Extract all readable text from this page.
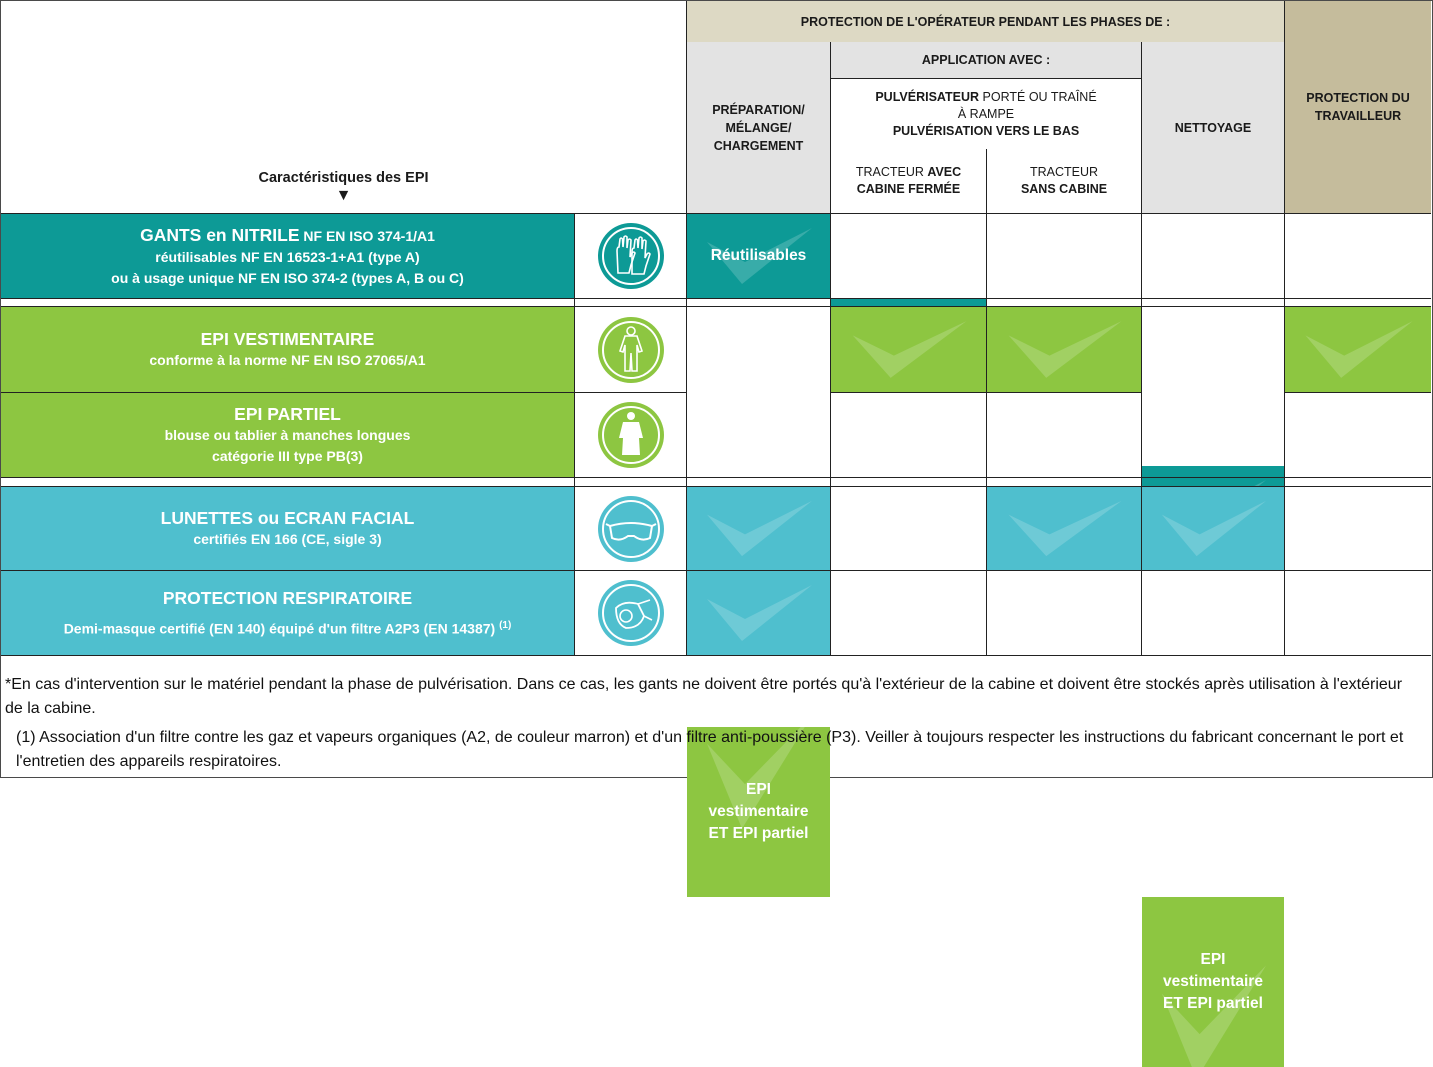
Caractéristiques des EPI
▼
PROTECTION DE L'OPÉRATEUR PENDANT LES PHASES DE :
PRÉPARATION/ MÉLANGE/ CHARGEMENT
APPLICATION AVEC :
PULVÉRISATEUR PORTÉ OU TRAÎNÉ
À RAMPE
PULVÉRISATION VERS LE BAS
TRACTEUR AVEC
CABINE FERMÉE
TRACTEUR
SANS CABINE
NETTOYAGE
PROTECTION DU TRAVAILLEUR
GANTS en NITRILE NF EN ISO 374-1/A1
réutilisables NF EN 16523-1+A1 (type A)
ou à usage unique NF EN ISO 374-2 (types A, B ou C)
Réutilisables
EPI VESTIMENTAIRE
conforme à la norme NF EN ISO 27065/A1
EPI PARTIEL
blouse ou tablier à manches longues
catégorie III type PB(3)
EPI vestimentaire ET EPI partiel
EPI vestimentaire ET EPI partiel
LUNETTES ou ECRAN FACIAL
certifiés EN 166 (CE, sigle 3)
PROTECTION RESPIRATOIRE
Demi-masque certifié (EN 140) équipé d'un filtre A2P3 (EN 14387) $^{(1)}$
*En cas d'intervention sur le matériel pendant la phase de pulvérisation. Dans ce cas, les gants ne doivent être portés qu'à l'extérieur de la cabine et doivent être stockés après utilisation à l'extérieur de la cabine.
(1) Association d'un filtre contre les gaz et vapeurs organiques (A2, de couleur marron) et d'un filtre anti-poussière (P3). Veiller à toujours respecter les instructions du fabricant concernant le port et l'entretien des appareils respiratoires.
